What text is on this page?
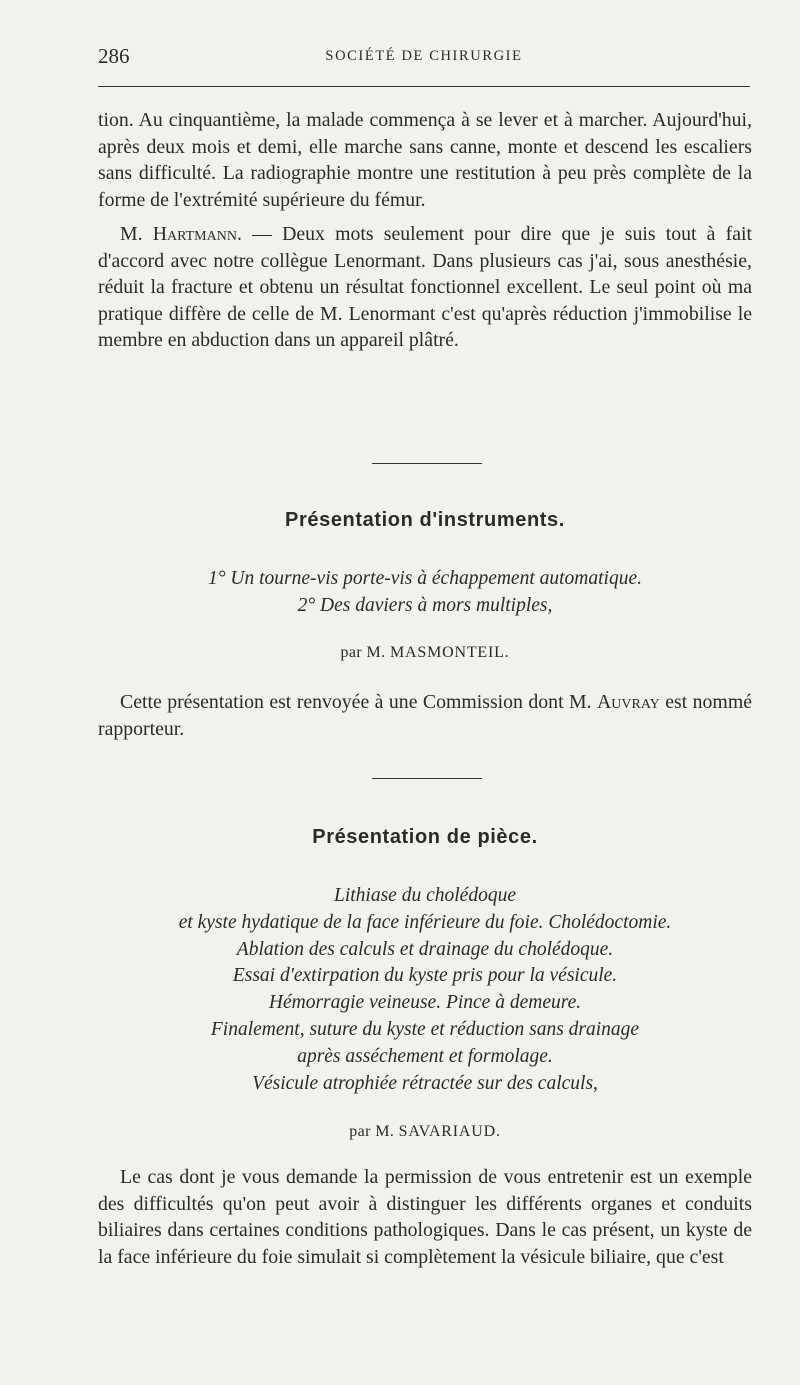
286	SOCIÉTÉ DE CHIRURGIE

tion. Au cinquantième, la malade commença à se lever et à marcher. Aujourd'hui, après deux mois et demi, elle marche sans canne, monte et descend les escaliers sans difficulté. La radiographie montre une restitution à peu près complète de la forme de l'extrémité supérieure du fémur.

M. Hartmann. — Deux mots seulement pour dire que je suis tout à fait d'accord avec notre collègue Lenormant. Dans plusieurs cas j'ai, sous anesthésie, réduit la fracture et obtenu un résultat fonctionnel excellent. Le seul point où ma pratique diffère de celle de M. Lenormant c'est qu'après réduction j'immobilise le membre en abduction dans un appareil plâtré.

Présentation d'instruments.
1° Un tourne-vis porte-vis à échappement automatique.
2° Des daviers à mors multiples,
par M. MASMONTEIL.
Cette présentation est renvoyée à une Commission dont M. Auvray est nommé rapporteur.
Présentation de pièce.
Lithiase du cholédoque
et kyste hydatique de la face inférieure du foie. Cholédoctomie.
Ablation des calculs et drainage du cholédoque.
Essai d'extirpation du kyste pris pour la vésicule.
Hémorragie veineuse. Pince à demeure.
Finalement, suture du kyste et réduction sans drainage
après asséchement et formolage.
Vésicule atrophiée rétractée sur des calculs,
par M. SAVARIAUD.
Le cas dont je vous demande la permission de vous entretenir est un exemple des difficultés qu'on peut avoir à distinguer les différents organes et conduits biliaires dans certaines conditions pathologiques. Dans le cas présent, un kyste de la face inférieure du foie simulait si complètement la vésicule biliaire, que c'est
